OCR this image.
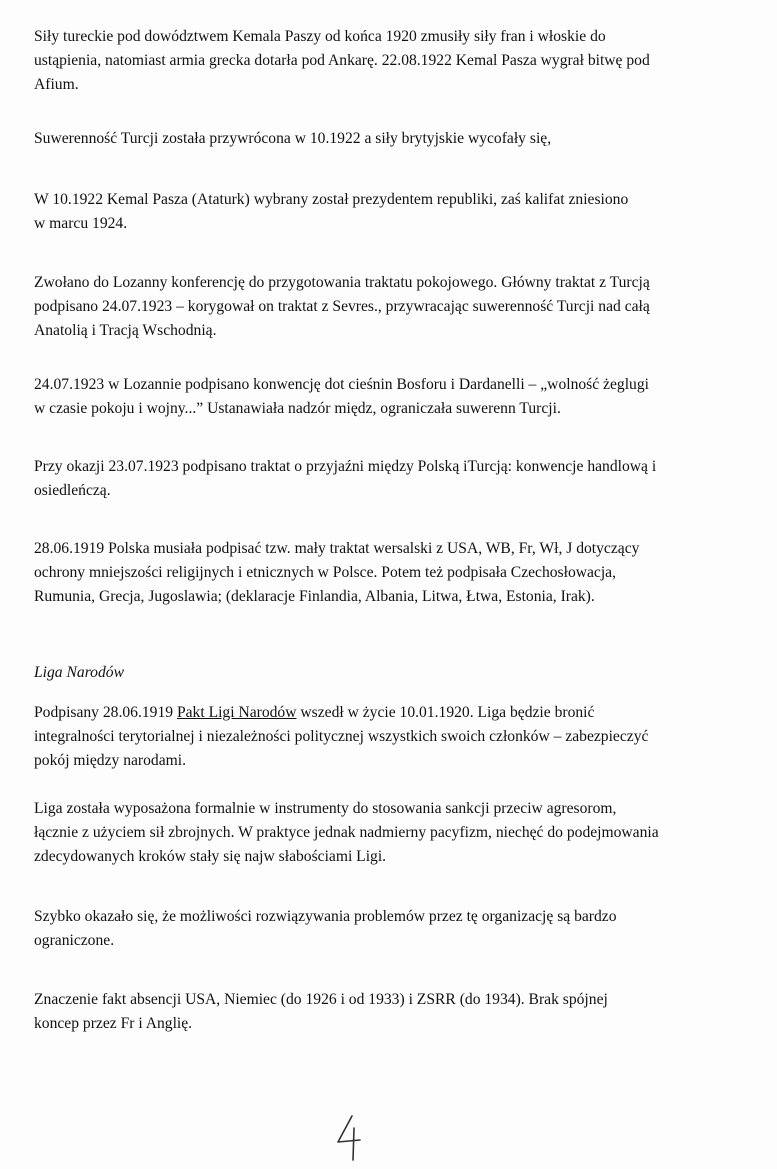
Siły tureckie pod dowództwem Kemala Paszy od końca 1920 zmusiły siły fran i włoskie do
ustąpienia, natomiast armia grecka dotarła pod Ankarę. 22.08.1922 Kemal Pasza wygrał bitwę pod
Afium.

Suwerenność Turcji została przywrócona w 10.1922 a siły brytyjskie wycofały się,

W 10.1922 Kemal Pasza (Ataturk) wybrany został prezydentem republiki, zaś kalifat zniesiono
w marcu 1924.

Zwołano do Lozanny konferencję do przygotowania traktatu pokojowego. Główny traktat z Turcją
podpisano 24.07.1923 – korygował on traktat z Sevres., przywracając suwerenność Turcji nad całą
Anatolią i Tracją Wschodnią.

24.07.1923 w Lozannie podpisano konwencję dot cieśnin Bosforu i Dardanelli – „wolność żeglugi
w czasie pokoju i wojny...” Ustanawiała nadzór międz, ograniczała suwerenn Turcji.

Przy okazji 23.07.1923 podpisano traktat o przyjaźni między Polską iTurcją: konwencje handlową i
osiedleńczą.

28.06.1919 Polska musiała podpisać tzw. mały traktat wersalski z USA, WB, Fr, Wł, J dotyczący
ochrony mniejszości religijnych i etnicznych w Polsce. Potem też podpisała Czechosłowacja,
Rumunia, Grecja, Jugoslawia; (deklaracje Finlandia, Albania, Litwa, Łtwa, Estonia, Irak).

Liga Narodów

Podpisany 28.06.1919 Pakt Ligi Narodów wszedł w życie 10.01.1920. Liga będzie bronić
integralności terytorialnej i niezależności politycznej wszystkich swoich członków – zabezpieczyć
pokój między narodami.

Liga została wyposażona formalnie w instrumenty do stosowania sankcji przeciw agresorom,
łącznie z użyciem sił zbrojnych. W praktyce jednak nadmierny pacyfizm, niechęć do podejmowania
zdecydowanych kroków stały się najw słabościami Ligi.

Szybko okazało się, że możliwości rozwiązywania problemów przez tę organizację są bardzo
ograniczone.

Znaczenie fakt absencji USA, Niemiec (do 1926 i od 1933) i ZSRR (do 1934). Brak spójnej
koncep przez Fr i Anglię.
